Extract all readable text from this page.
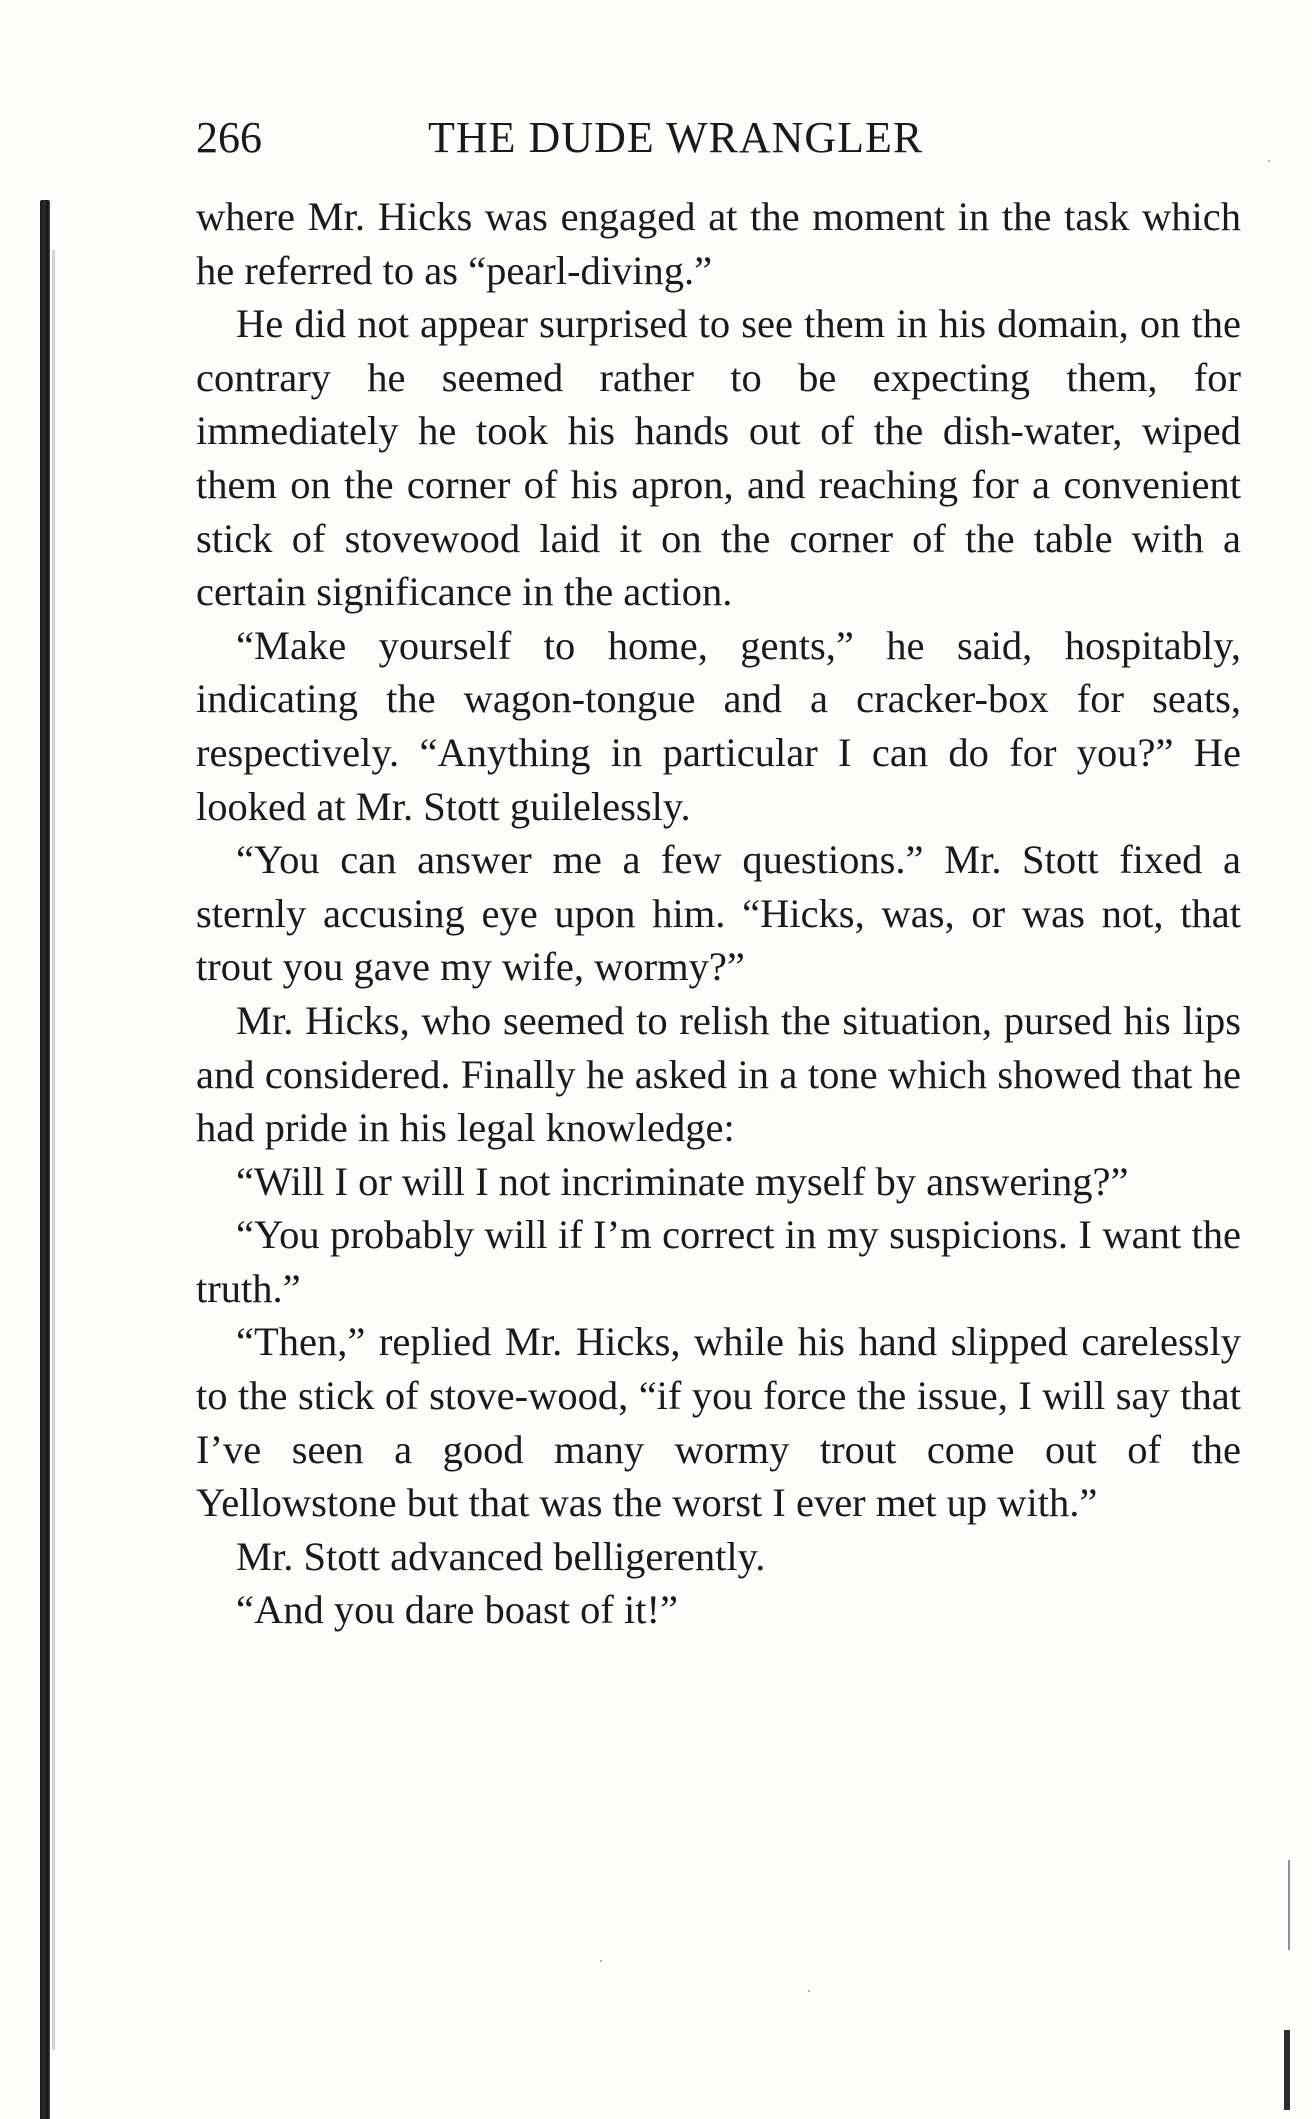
266	THE DUDE WRANGLER

where Mr. Hicks was engaged at the moment in the task which he referred to as “pearl-diving.”

He did not appear surprised to see them in his domain, on the contrary he seemed rather to be expecting them, for immediately he took his hands out of the dish-water, wiped them on the corner of his apron, and reaching for a convenient stick of stovewood laid it on the corner of the table with a certain significance in the action.

“Make yourself to home, gents,” he said, hospitably, indicating the wagon-tongue and a cracker-box for seats, respectively. “Anything in particular I can do for you?” He looked at Mr. Stott guilelessly.

“You can answer me a few questions.” Mr. Stott fixed a sternly accusing eye upon him. “Hicks, was, or was not, that trout you gave my wife, wormy?”

Mr. Hicks, who seemed to relish the situation, pursed his lips and considered. Finally he asked in a tone which showed that he had pride in his legal knowledge:

“Will I or will I not incriminate myself by answering?”

“You probably will if I’m correct in my suspicions. I want the truth.”

“Then,” replied Mr. Hicks, while his hand slipped carelessly to the stick of stove-wood, “if you force the issue, I will say that I’ve seen a good many wormy trout come out of the Yellowstone but that was the worst I ever met up with.”

Mr. Stott advanced belligerently.

“And you dare boast of it!”
